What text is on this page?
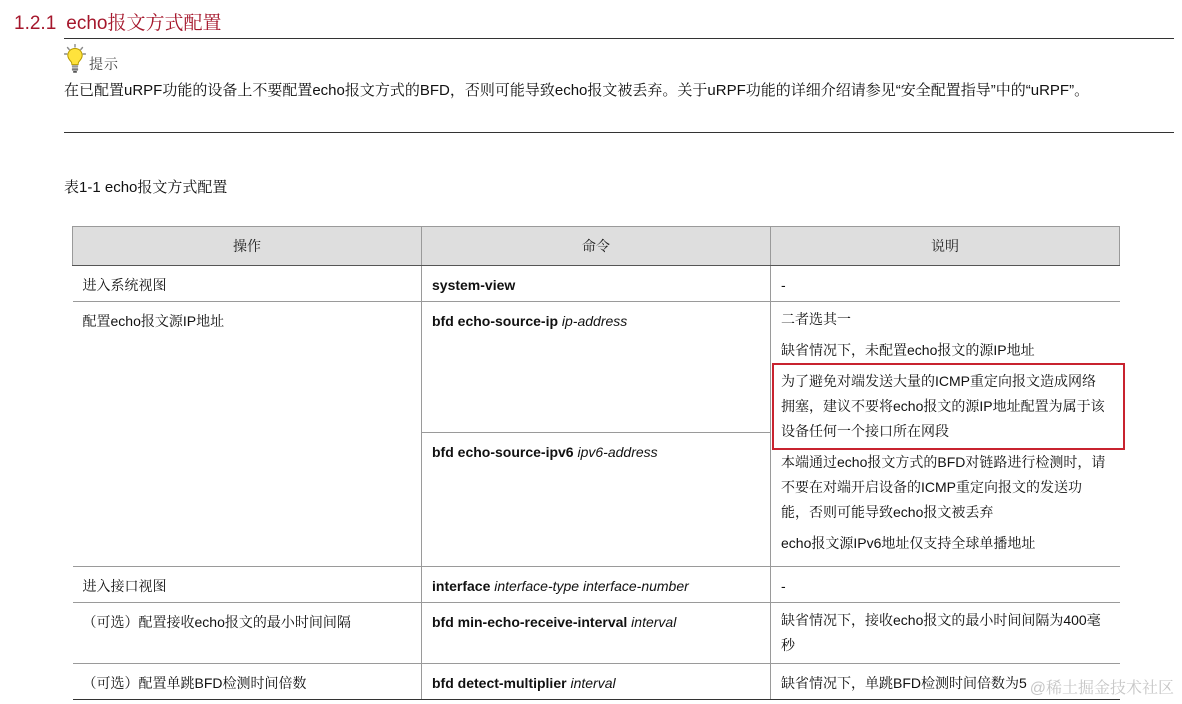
1.2.1 echo报文方式配置
提示
在已配置uRPF功能的设备上不要配置echo报文方式的BFD，否则可能导致echo报文被丢弃。关于uRPF功能的详细介绍请参见“安全配置指导”中的“uRPF”。
表1-1 echo报文方式配置
操作	命令	说明

进入系统视图	system-view	-

配置echo报文源IP地址	bfd echo-source-ip ip-address	二者选其一
缺省情况下，未配置echo报文的源IP地址
为了避免对端发送大量的ICMP重定向报文造成网络拥塞，建议不要将echo报文的源IP地址配置为属于该设备任何一个接口所在网段
本端通过echo报文方式的BFD对链路进行检测时，请不要在对端开启设备的ICMP重定向报文的发送功能，否则可能导致echo报文被丢弃
echo报文源IPv6地址仅支持全球单播地址

	bfd echo-source-ipv6 ipv6-address	

进入接口视图	interface interface-type interface-number	-

（可选）配置接收echo报文的最小时间间隔	bfd min-echo-receive-interval interval	缺省情况下，接收echo报文的最小时间间隔为400毫秒

（可选）配置单跳BFD检测时间倍数	bfd detect-multiplier interval	缺省情况下，单跳BFD检测时间倍数为5 @稀土掘金技术社区
